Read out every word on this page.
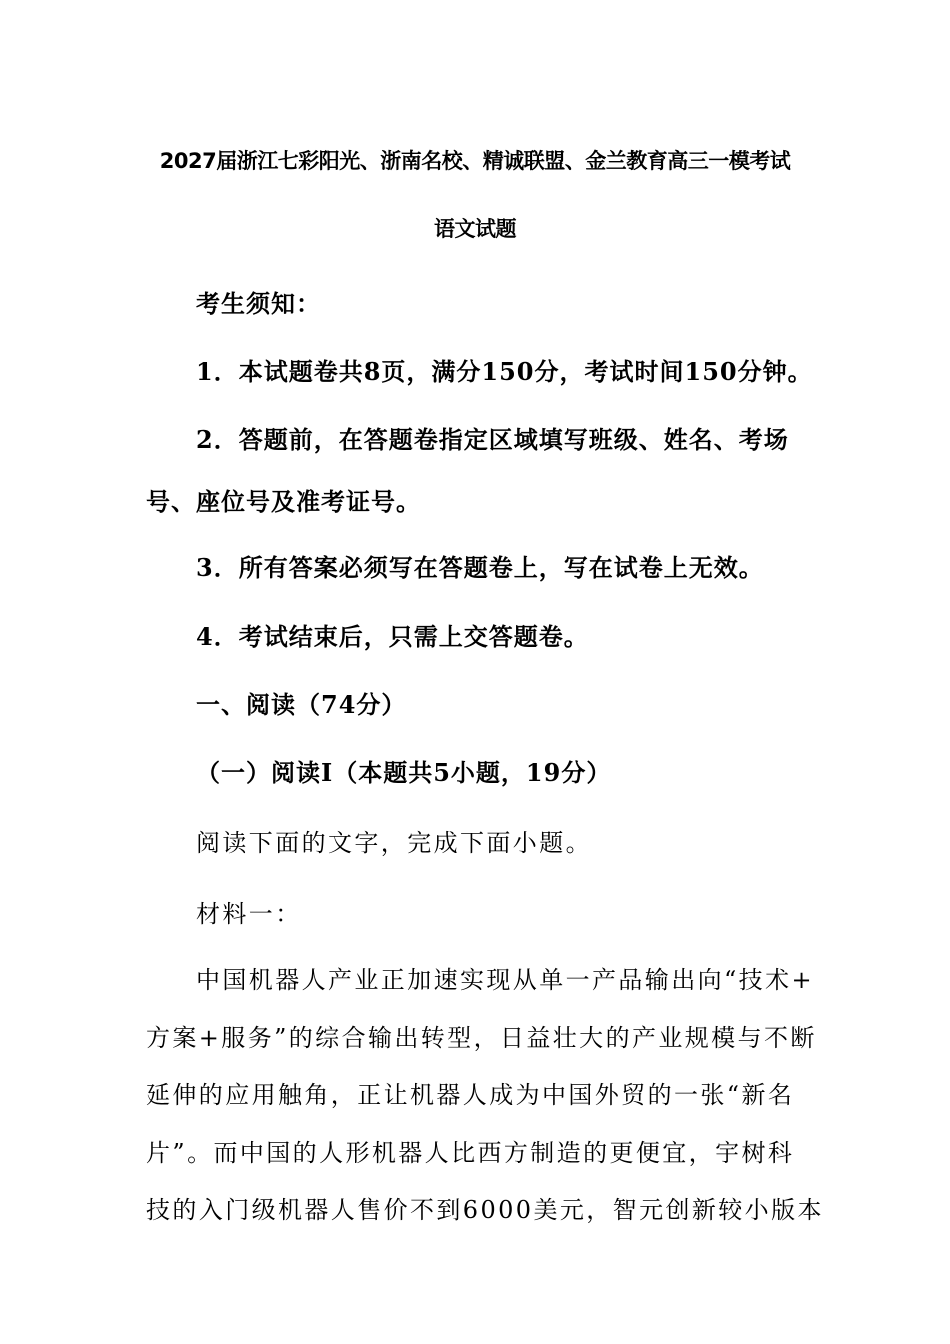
2027届浙江七彩阳光、浙南名校、精诚联盟、金兰教育高三一模考试
语文试题
考生须知：
1．本试题卷共8页，满分150分，考试时间150分钟。
2．答题前，在答题卷指定区域填写班级、姓名、考场
号、座位号及准考证号。
3．所有答案必须写在答题卷上，写在试卷上无效。
4．考试结束后，只需上交答题卷。
一、阅读（74分）
（一）阅读Ⅰ（本题共5小题，19分）
阅读下面的文字，完成下面小题。
材料一：
中国机器人产业正加速实现从单一产品输出向“技术+
方案+服务”的综合输出转型，日益壮大的产业规模与不断
延伸的应用触角，正让机器人成为中国外贸的一张“新名
片”。而中国的人形机器人比西方制造的更便宜，宇树科
技的入门级机器人售价不到6000美元，智元创新较小版本
